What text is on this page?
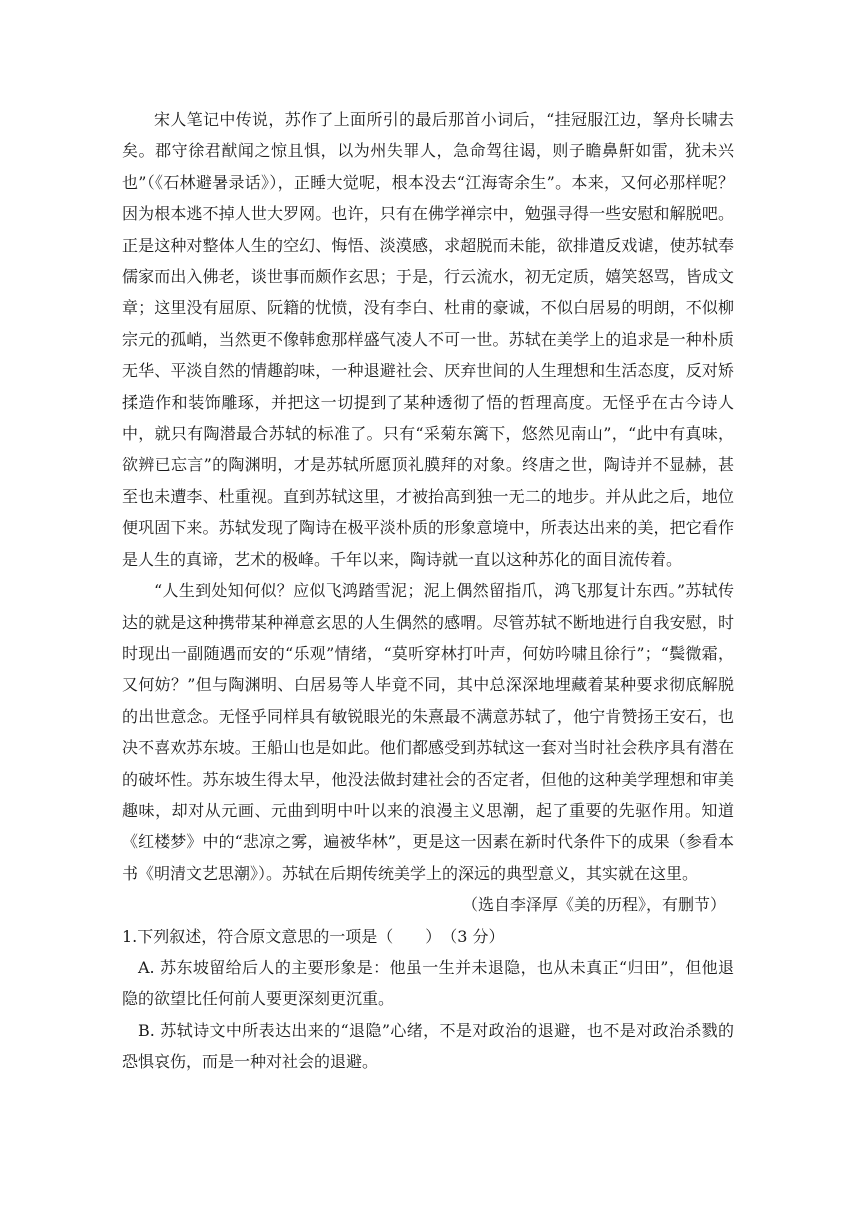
宋人笔记中传说，苏作了上面所引的最后那首小词后，“挂冠服江边，拏舟长啸去矣。郡守徐君猷闻之惊且惧，以为州失罪人，急命驾往谒，则子瞻鼻鼾如雷，犹未兴也”（《石林避暑录话》），正睡大觉呢，根本没去“江海寄余生”。本来，又何必那样呢？因为根本逃不掉人世大罗网。也许，只有在佛学禅宗中，勉强寻得一些安慰和解脱吧。正是这种对整体人生的空幻、悔悟、淡漠感，求超脱而未能，欲排遣反戏谑，使苏轼奉儒家而出入佛老，谈世事而颇作玄思；于是，行云流水，初无定质，嬉笑怒骂，皆成文章；这里没有屈原、阮籍的忧愤，没有李白、杜甫的豪诚，不似白居易的明朗，不似柳宗元的孤峭，当然更不像韩愈那样盛气凌人不可一世。苏轼在美学上的追求是一种朴质无华、平淡自然的情趣韵味，一种退避社会、厌弃世间的人生理想和生活态度，反对矫揉造作和装饰雕琢，并把这一切提到了某种透彻了悟的哲理高度。无怪乎在古今诗人中，就只有陶潜最合苏轼的标准了。只有“采菊东篱下，悠然见南山”，“此中有真味，欲辨已忘言”的陶渊明，才是苏轼所愿顶礼膜拜的对象。终唐之世，陶诗并不显赫，甚至也未遭李、杜重视。直到苏轼这里，才被抬高到独一无二的地步。并从此之后，地位便巩固下来。苏轼发现了陶诗在极平淡朴质的形象意境中，所表达出来的美，把它看作是人生的真谛，艺术的极峰。千年以来，陶诗就一直以这种苏化的面目流传着。

“人生到处知何似？应似飞鸿踏雪泥；泥上偶然留指爪，鸿飞那复计东西。”苏轼传达的就是这种携带某种禅意玄思的人生偶然的感喟。尽管苏轼不断地进行自我安慰，时时现出一副随遇而安的“乐观”情绪，“莫听穿林打叶声，何妨吟啸且徐行”；“鬓微霜，又何妨？”但与陶渊明、白居易等人毕竟不同，其中总深深地埋藏着某种要求彻底解脱的出世意念。无怪乎同样具有敏锐眼光的朱熹最不满意苏轼了，他宁肯赞扬王安石，也决不喜欢苏东坡。王船山也是如此。他们都感受到苏轼这一套对当时社会秩序具有潜在的破坏性。苏东坡生得太早，他没法做封建社会的否定者，但他的这种美学理想和审美趣味，却对从元画、元曲到明中叶以来的浪漫主义思潮，起了重要的先驱作用。知道《红楼梦》中的“悲凉之雾，遍被华林”，更是这一因素在新时代条件下的成果（参看本书《明清文艺思潮》）。苏轼在后期传统美学上的深远的典型意义，其实就在这里。

（选自李泽厚《美的历程》，有删节）

1.下列叙述，符合原文意思的一项是（　　）　（3 分）

A. 苏东坡留给后人的主要形象是：他虽一生并未退隐，也从未真正“归田”，但他退隐的欲望比任何前人要更深刻更沉重。

B. 苏轼诗文中所表达出来的“退隐”心绪，不是对政治的退避，也不是对政治杀戮的恐惧哀伤，而是一种对社会的退避。
